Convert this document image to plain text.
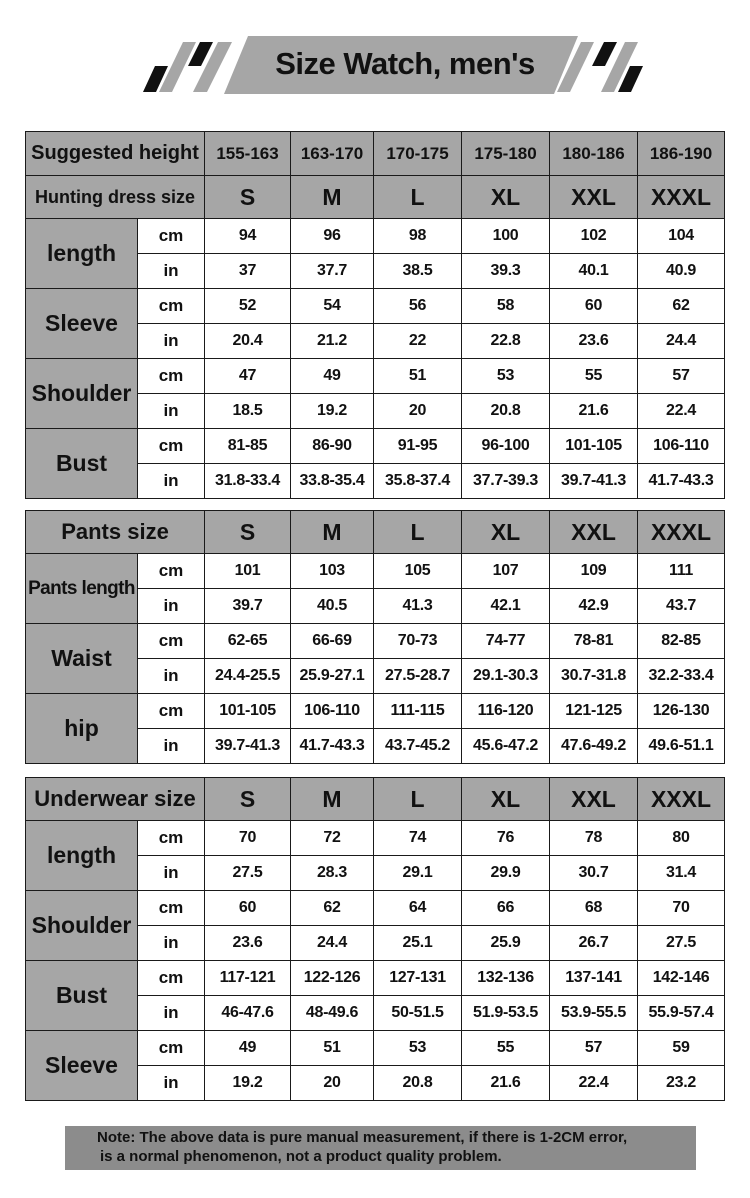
Size Watch, men's
Suggested height		155-163	163-170	170-175	175-180	180-186	186-190
Hunting dress size		S	M	L	XL	XXL	XXXL
length	cm	94	96	98	100	102	104
	in	37	37.7	38.5	39.3	40.1	40.9
Sleeve	cm	52	54	56	58	60	62
	in	20.4	21.2	22	22.8	23.6	24.4
Shoulder	cm	47	49	51	53	55	57
	in	18.5	19.2	20	20.8	21.6	22.4
Bust	cm	81-85	86-90	91-95	96-100	101-105	106-110
	in	31.8-33.4	33.8-35.4	35.8-37.4	37.7-39.3	39.7-41.3	41.7-43.3
Pants size		S	M	L	XL	XXL	XXXL
Pants length	cm	101	103	105	107	109	111
	in	39.7	40.5	41.3	42.1	42.9	43.7
Waist	cm	62-65	66-69	70-73	74-77	78-81	82-85
	in	24.4-25.5	25.9-27.1	27.5-28.7	29.1-30.3	30.7-31.8	32.2-33.4
hip	cm	101-105	106-110	111-115	116-120	121-125	126-130
	in	39.7-41.3	41.7-43.3	43.7-45.2	45.6-47.2	47.6-49.2	49.6-51.1
Underwear size		S	M	L	XL	XXL	XXXL
length	cm	70	72	74	76	78	80
	in	27.5	28.3	29.1	29.9	30.7	31.4
Shoulder	cm	60	62	64	66	68	70
	in	23.6	24.4	25.1	25.9	26.7	27.5
Bust	cm	117-121	122-126	127-131	132-136	137-141	142-146
	in	46-47.6	48-49.6	50-51.5	51.9-53.5	53.9-55.5	55.9-57.4
Sleeve	cm	49	51	53	55	57	59
	in	19.2	20	20.8	21.6	22.4	23.2

Note: The above data is pure manual measurement, if there is 1-2CM error,

is a normal phenomenon, not a product quality problem.
